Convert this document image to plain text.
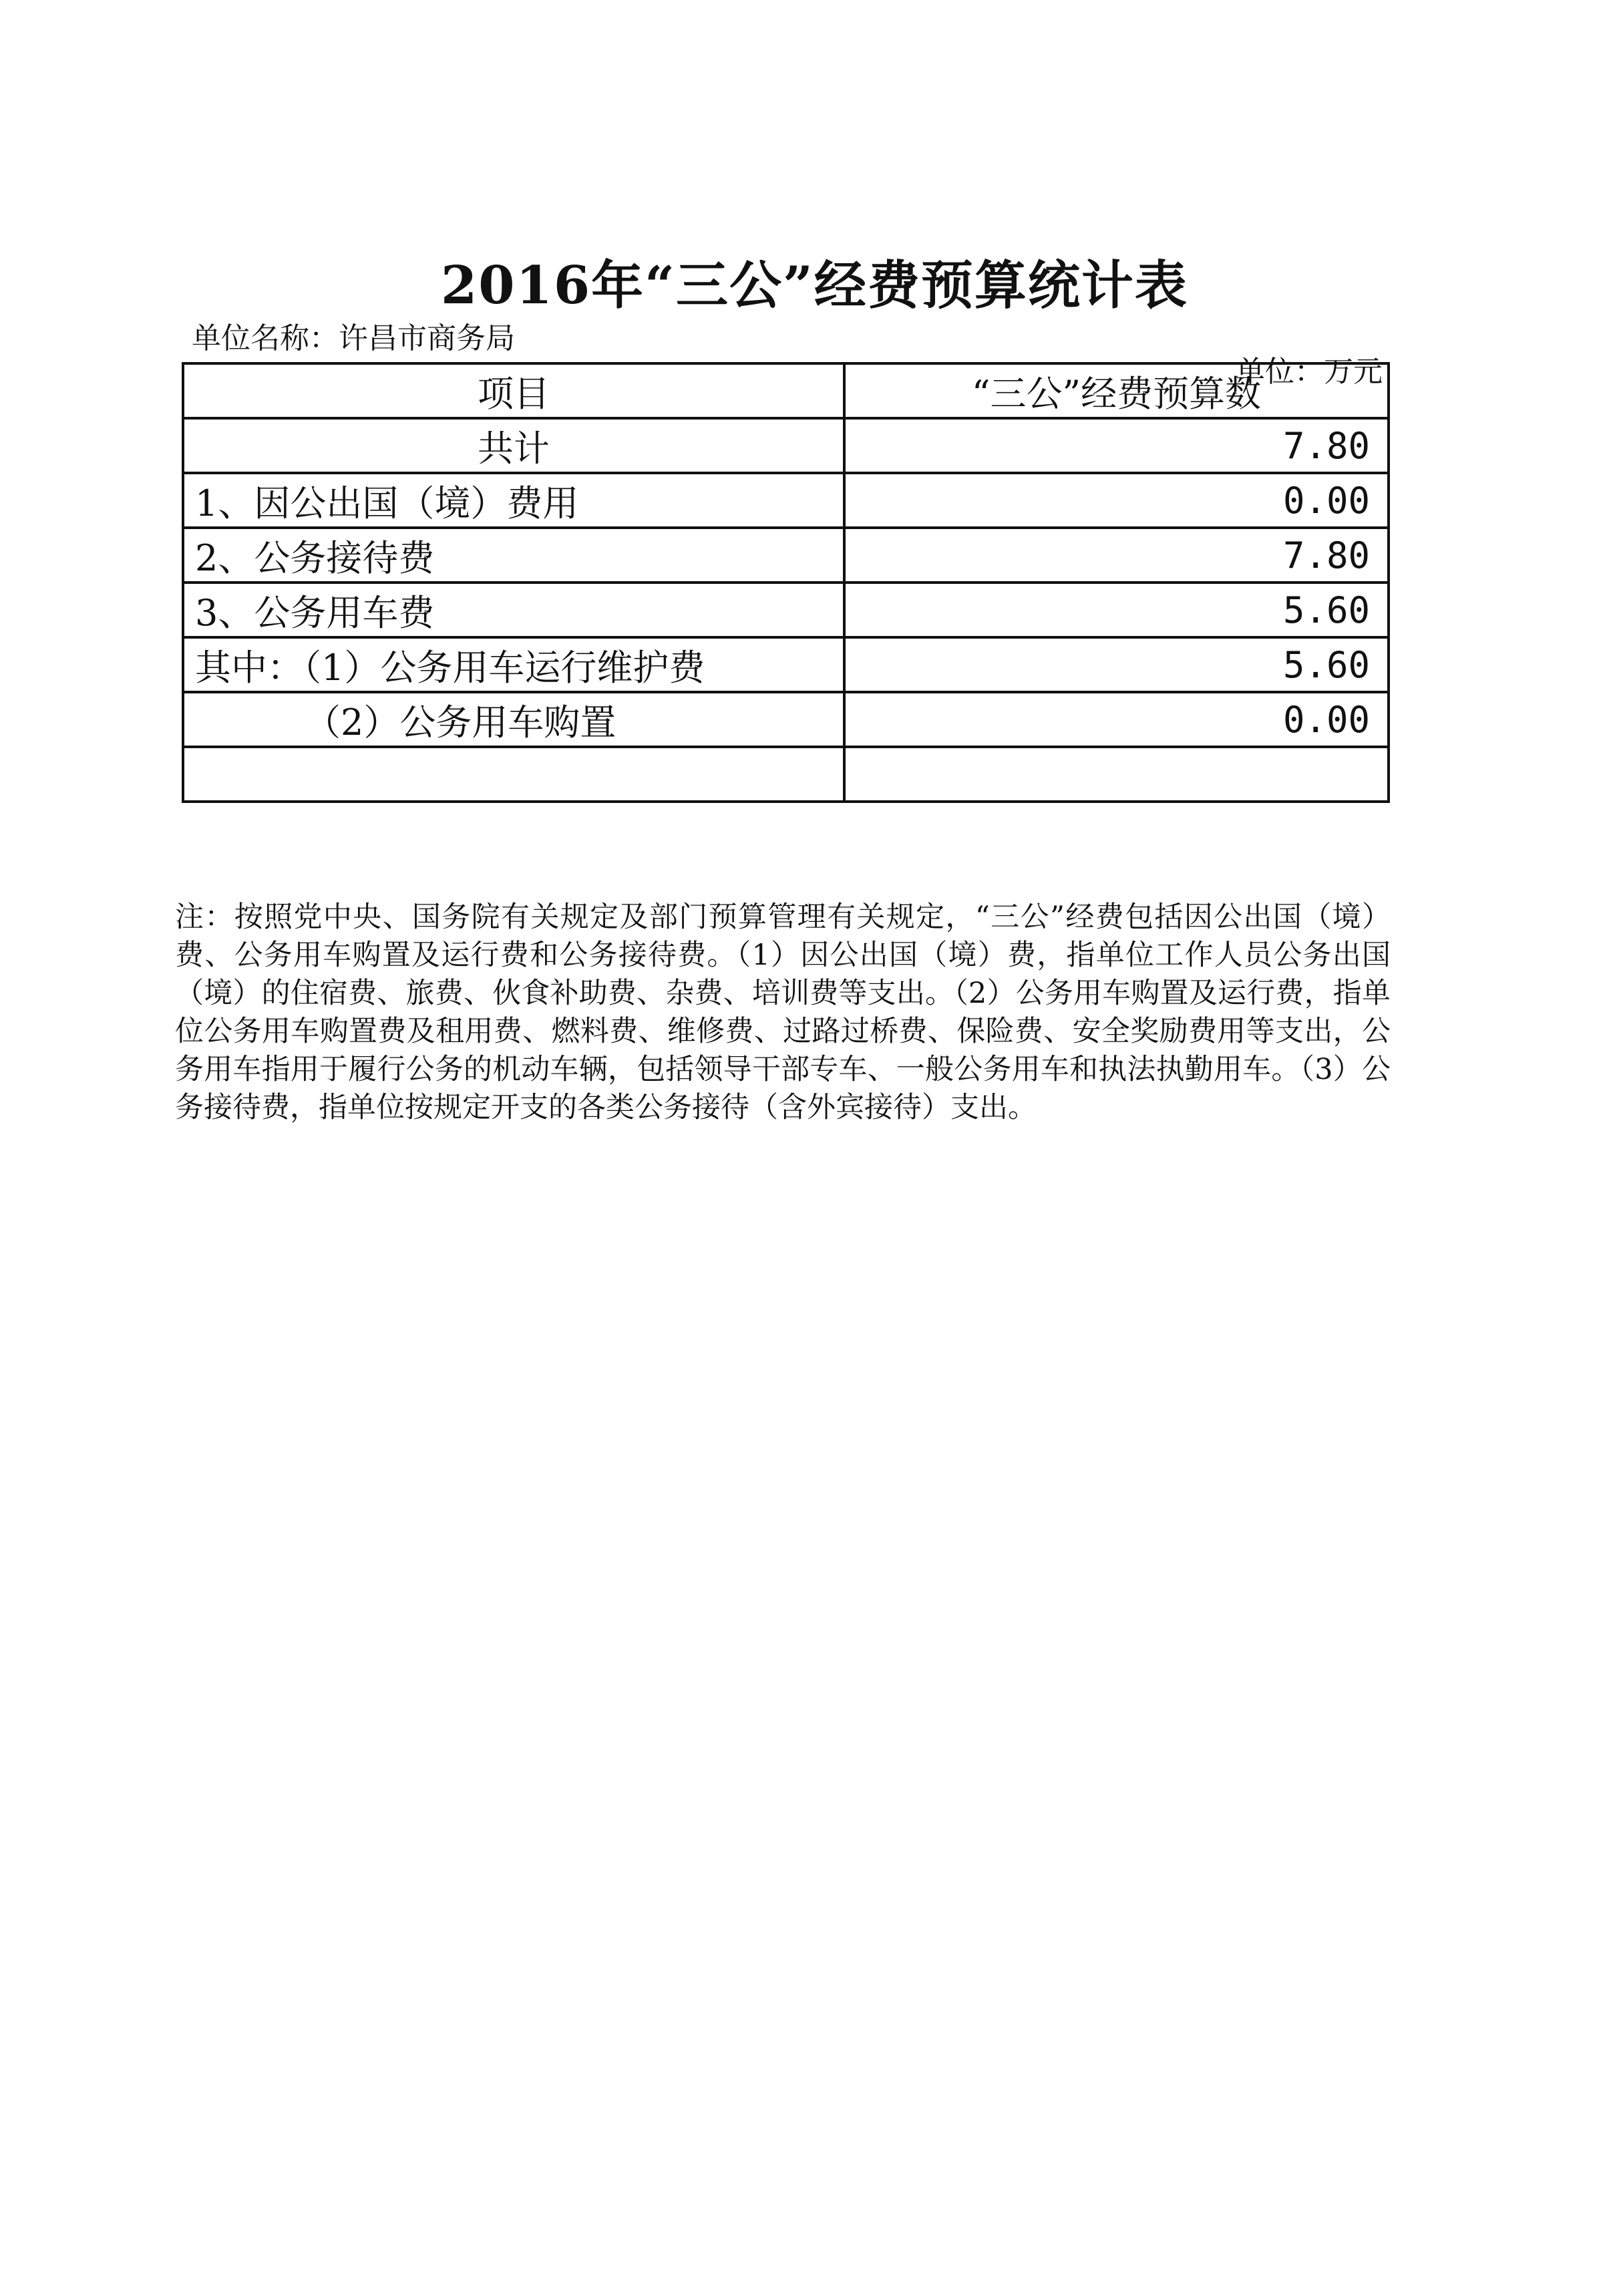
2016年“三公”经费预算统计表
单位名称：许昌市商务局
单位：万元
项目	“三公”经费预算数
共计	7.80
1、因公出国（境）费用	0.00
2、公务接待费	7.80
3、公务用车费	5.60
其中：（1）公务用车运行维护费	5.60
（2）公务用车购置	0.00

注：按照党中央、国务院有关规定及部门预算管理有关规定，“三公”经费包括因公出国（境）费、公务用车购置及运行费和公务接待费。（1）因公出国（境）费，指单位工作人员公务出国（境）的住宿费、旅费、伙食补助费、杂费、培训费等支出。（2）公务用车购置及运行费，指单位公务用车购置费及租用费、燃料费、维修费、过路过桥费、保险费、安全奖励费用等支出，公务用车指用于履行公务的机动车辆，包括领导干部专车、一般公务用车和执法执勤用车。（3）公务接待费，指单位按规定开支的各类公务接待（含外宾接待）支出。
